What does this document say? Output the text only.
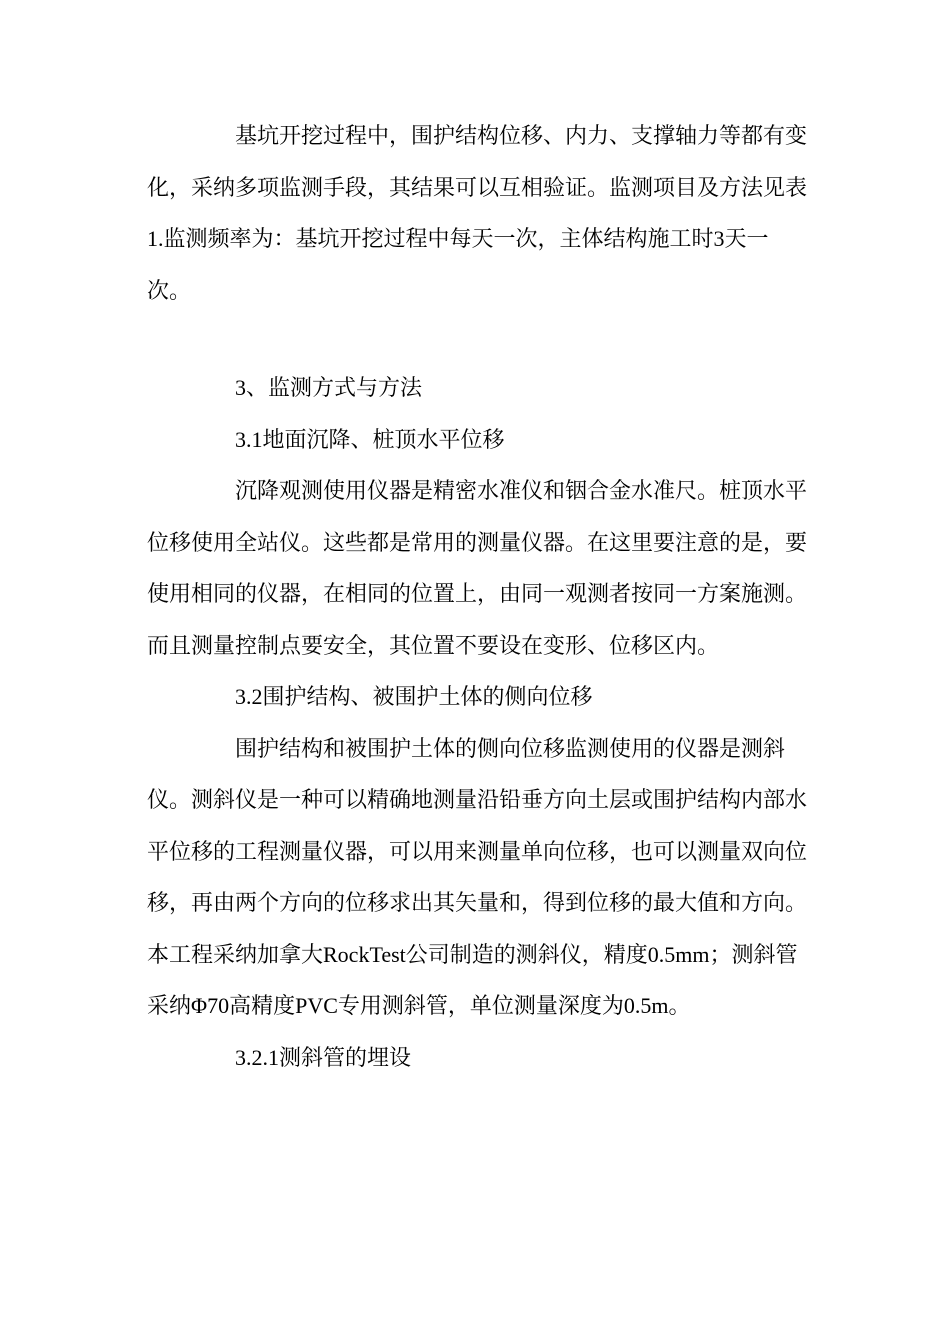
基坑开挖过程中，围护结构位移、内力、支撑轴力等都有变化，采纳多项监测手段，其结果可以互相验证。监测项目及方法见表1.监测频率为：基坑开挖过程中每天一次，主体结构施工时3天一次。

3、监测方式与方法

3.1地面沉降、桩顶水平位移

沉降观测使用仪器是精密水准仪和铟合金水准尺。桩顶水平位移使用全站仪。这些都是常用的测量仪器。在这里要注意的是，要使用相同的仪器，在相同的位置上，由同一观测者按同一方案施测。而且测量控制点要安全，其位置不要设在变形、位移区内。

3.2围护结构、被围护土体的侧向位移

围护结构和被围护土体的侧向位移监测使用的仪器是测斜仪。测斜仪是一种可以精确地测量沿铅垂方向土层或围护结构内部水平位移的工程测量仪器，可以用来测量单向位移，也可以测量双向位移，再由两个方向的位移求出其矢量和，得到位移的最大值和方向。本工程采纳加拿大RockTest公司制造的测斜仪，精度0.5mm；测斜管采纳Φ70高精度PVC专用测斜管，单位测量深度为0.5m。

3.2.1测斜管的埋设
